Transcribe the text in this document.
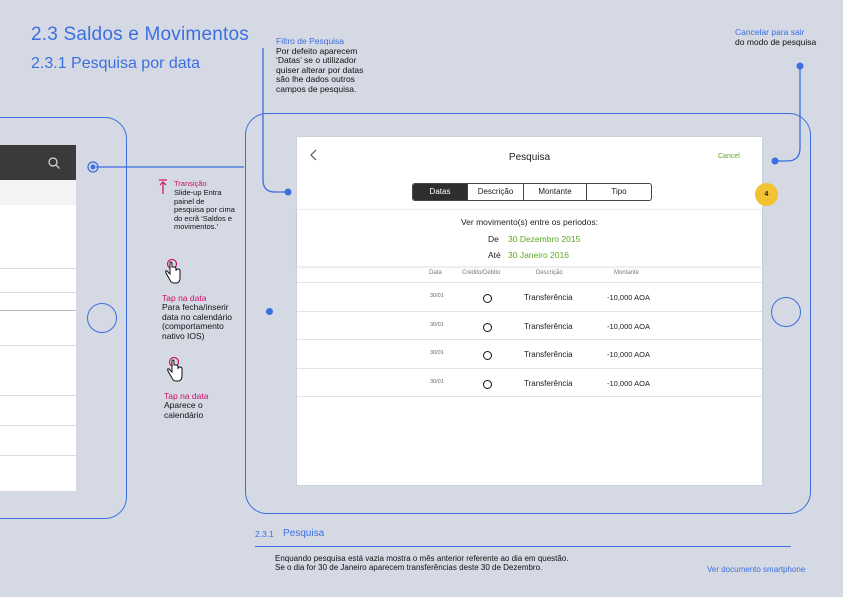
2.3 Saldos e Movimentos
2.3.1 Pesquisa por data
Transição
Slide-up Entra painel de pesquisa por cima do ecrã ‘Saldos e movimentos.’
Tap na data
Para fecha/inserir data no calendário (comportamento nativo IOS)
Tap na data
Aparece o calendário
Filtro de Pesquisa
Por defeito aparecem ‘Datas’ se o utilizador quiser alterar por datas são lhe dados outros campos de pesquisa.
Cancelar para sair
do modo de pesquisa
Pesquisa	Cancel
Datas	Descrição	Montante	Tipo
Ver movimento(s) entre os periodos:
De 30 Dezembro 2015
Até 30 Janeiro 2016
Data	Crédito/Débito	Descrição	Montante
30/01	Transferência	-10,000 AOA
30/01	Transferência	-10,000 AOA
30/01	Transferência	-10,000 AOA
30/01	Transferência	-10,000 AOA
4
2.3.1 Pesquisa
Enquando pesquisa está vazia mostra o mês anterior referente ao dia em questão.
Se o dia for 30 de Janeiro aparecem transferências deste 30 de Dezembro.	Ver documento smartphone
